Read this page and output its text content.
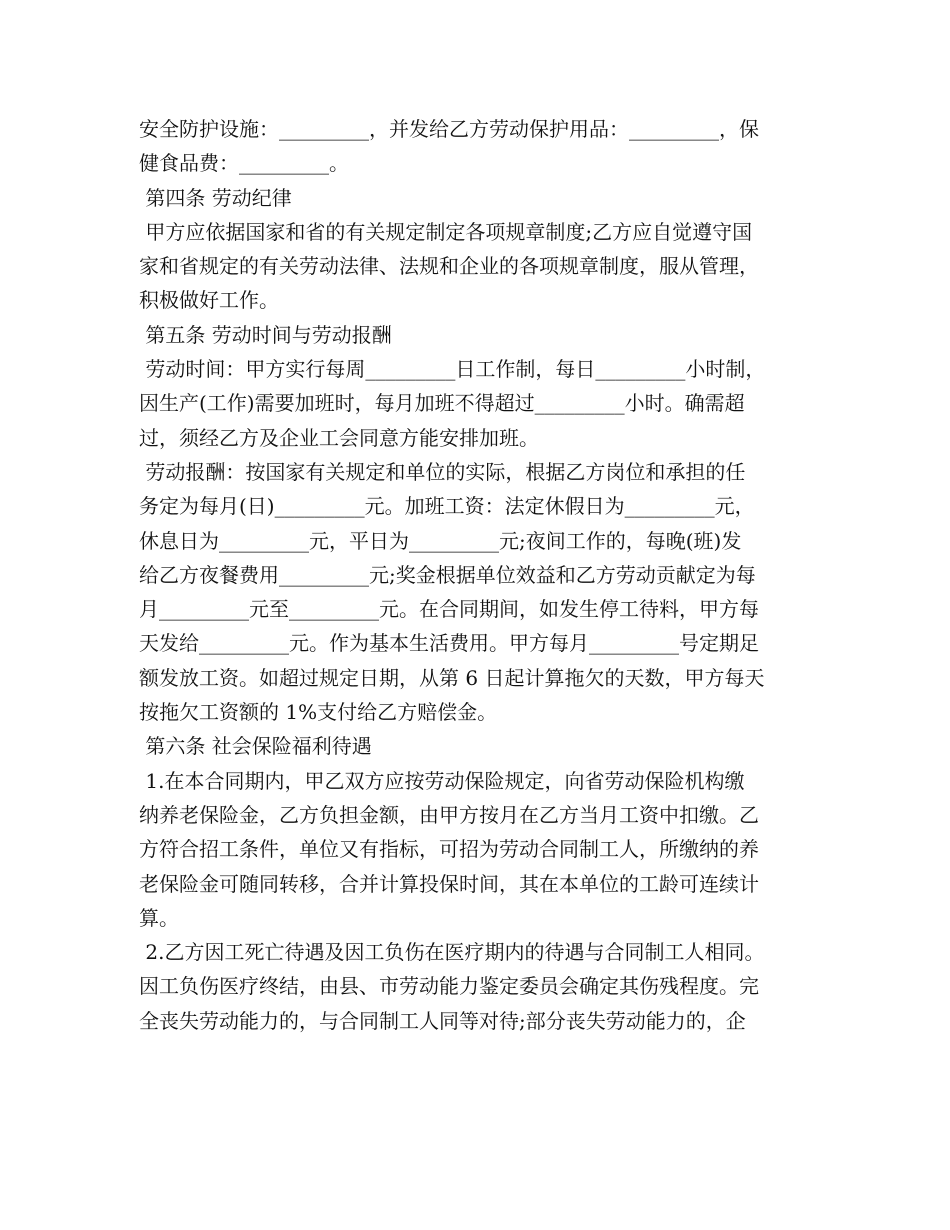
安全防护设施：_________，并发给乙方劳动保护用品：_________，保
健食品费：_________。
第四条 劳动纪律
甲方应依据国家和省的有关规定制定各项规章制度;乙方应自觉遵守国
家和省规定的有关劳动法律、法规和企业的各项规章制度，服从管理，
积极做好工作。
第五条 劳动时间与劳动报酬
劳动时间：甲方实行每周_________日工作制，每日_________小时制，
因生产(工作)需要加班时，每月加班不得超过_________小时。确需超
过，须经乙方及企业工会同意方能安排加班。
劳动报酬：按国家有关规定和单位的实际，根据乙方岗位和承担的任
务定为每月(日)_________元。加班工资：法定休假日为_________元，
休息日为_________元，平日为_________元;夜间工作的，每晚(班)发
给乙方夜餐费用_________元;奖金根据单位效益和乙方劳动贡献定为每
月_________元至_________元。在合同期间，如发生停工待料，甲方每
天发给_________元。作为基本生活费用。甲方每月_________号定期足
额发放工资。如超过规定日期，从第 6 日起计算拖欠的天数，甲方每天
按拖欠工资额的 1%支付给乙方赔偿金。
第六条 社会保险福利待遇
1.在本合同期内，甲乙双方应按劳动保险规定，向省劳动保险机构缴
纳养老保险金，乙方负担金额，由甲方按月在乙方当月工资中扣缴。乙
方符合招工条件，单位又有指标，可招为劳动合同制工人，所缴纳的养
老保险金可随同转移，合并计算投保时间，其在本单位的工龄可连续计
算。
2.乙方因工死亡待遇及因工负伤在医疗期内的待遇与合同制工人相同。
因工负伤医疗终结，由县、市劳动能力鉴定委员会确定其伤残程度。完
全丧失劳动能力的，与合同制工人同等对待;部分丧失劳动能力的，企
